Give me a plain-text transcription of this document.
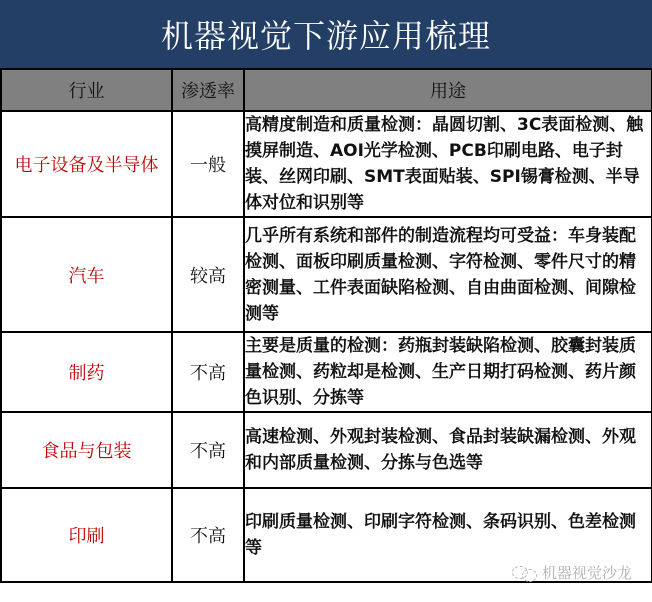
机器视觉下游应用梳理
行业	渗透率	用途
电子设备及半导体	一般	高精度制造和质量检测：晶圆切割、3C表面检测、触摸屏制造、AOI光学检测、PCB印刷电路、电子封装、丝网印刷、SMT表面贴装、SPI锡膏检测、半导体对位和识别等
汽车	较高	几乎所有系统和部件的制造流程均可受益：车身装配检测、面板印刷质量检测、字符检测、零件尺寸的精密测量、工件表面缺陷检测、自由曲面检测、间隙检测等
制药	不高	主要是质量的检测：药瓶封装缺陷检测、胶囊封装质量检测、药粒却是检测、生产日期打码检测、药片颜色识别、分拣等
食品与包装	不高	高速检测、外观封装检测、食品封装缺漏检测、外观和内部质量检测、分拣与色选等
印刷	不高	印刷质量检测、印刷字符检测、条码识别、色差检测等
机器视觉沙龙
